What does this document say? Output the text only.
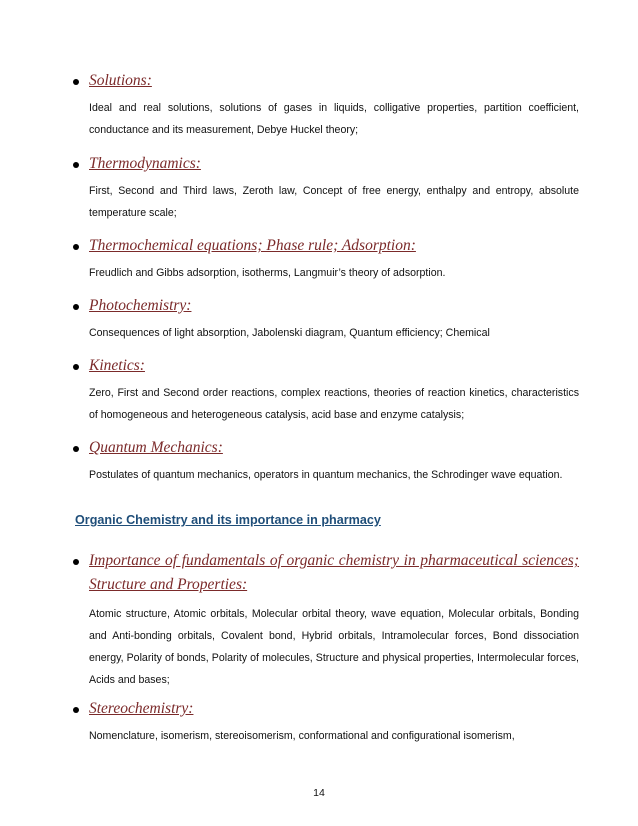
Solutions:
Ideal and real solutions, solutions of gases in liquids, colligative properties, partition coefficient, conductance and its measurement, Debye Huckel theory;
Thermodynamics:
First, Second and Third laws, Zeroth law, Concept of free energy, enthalpy and entropy, absolute temperature scale;
Thermochemical equations; Phase rule; Adsorption:
Freudlich and Gibbs adsorption, isotherms, Langmuir’s theory of adsorption.
Photochemistry:
Consequences of light absorption, Jabolenski diagram, Quantum efficiency; Chemical
Kinetics:
Zero, First and Second order reactions, complex reactions, theories of reaction kinetics, characteristics of homogeneous and heterogeneous catalysis, acid base and enzyme catalysis;
Quantum Mechanics:
Postulates of quantum mechanics, operators in quantum mechanics, the Schrodinger wave equation.
Organic Chemistry and its importance in pharmacy
Importance of fundamentals of organic chemistry in pharmaceutical sciences; Structure and Properties:
Atomic structure, Atomic orbitals, Molecular orbital theory, wave equation, Molecular orbitals, Bonding and Anti-bonding orbitals, Covalent bond, Hybrid orbitals, Intramolecular forces, Bond dissociation energy, Polarity of bonds, Polarity of molecules, Structure and physical properties, Intermolecular forces, Acids and bases;
Stereochemistry:
Nomenclature, isomerism, stereoisomerism, conformational and configurational isomerism,
14
